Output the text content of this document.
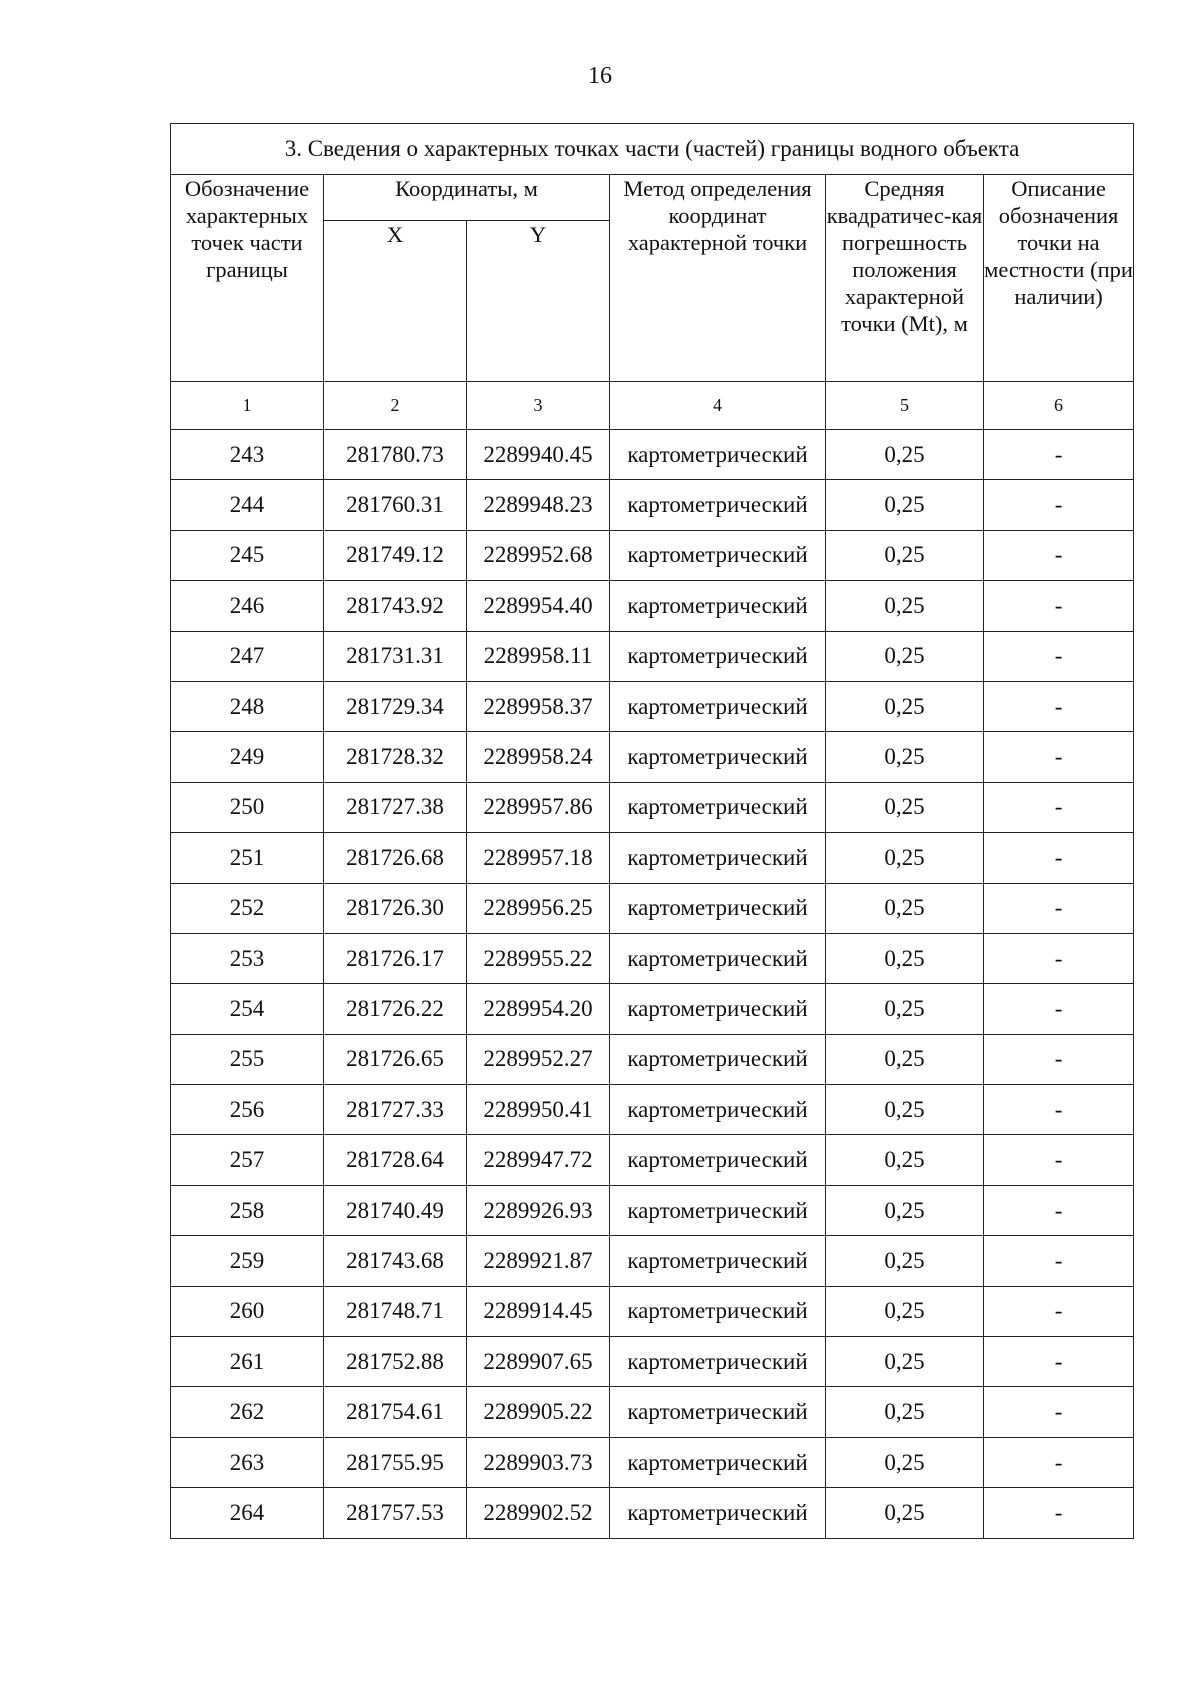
16
3. Сведения о характерных точках части (частей) границы водного объекта					
Обозначение характерных точек части границы	Координаты, м		Метод определения координат характерной точки	Средняя квадратичес-кая погрешность положения характерной точки (Mt), м	Описание обозначения точки на местности (при наличии)
	X	Y			
1	2	3	4	5	6
243	281780.73	2289940.45	картометрический	0,25	-
244	281760.31	2289948.23	картометрический	0,25	-
245	281749.12	2289952.68	картометрический	0,25	-
246	281743.92	2289954.40	картометрический	0,25	-
247	281731.31	2289958.11	картометрический	0,25	-
248	281729.34	2289958.37	картометрический	0,25	-
249	281728.32	2289958.24	картометрический	0,25	-
250	281727.38	2289957.86	картометрический	0,25	-
251	281726.68	2289957.18	картометрический	0,25	-
252	281726.30	2289956.25	картометрический	0,25	-
253	281726.17	2289955.22	картометрический	0,25	-
254	281726.22	2289954.20	картометрический	0,25	-
255	281726.65	2289952.27	картометрический	0,25	-
256	281727.33	2289950.41	картометрический	0,25	-
257	281728.64	2289947.72	картометрический	0,25	-
258	281740.49	2289926.93	картометрический	0,25	-
259	281743.68	2289921.87	картометрический	0,25	-
260	281748.71	2289914.45	картометрический	0,25	-
261	281752.88	2289907.65	картометрический	0,25	-
262	281754.61	2289905.22	картометрический	0,25	-
263	281755.95	2289903.73	картометрический	0,25	-
264	281757.53	2289902.52	картометрический	0,25	-
